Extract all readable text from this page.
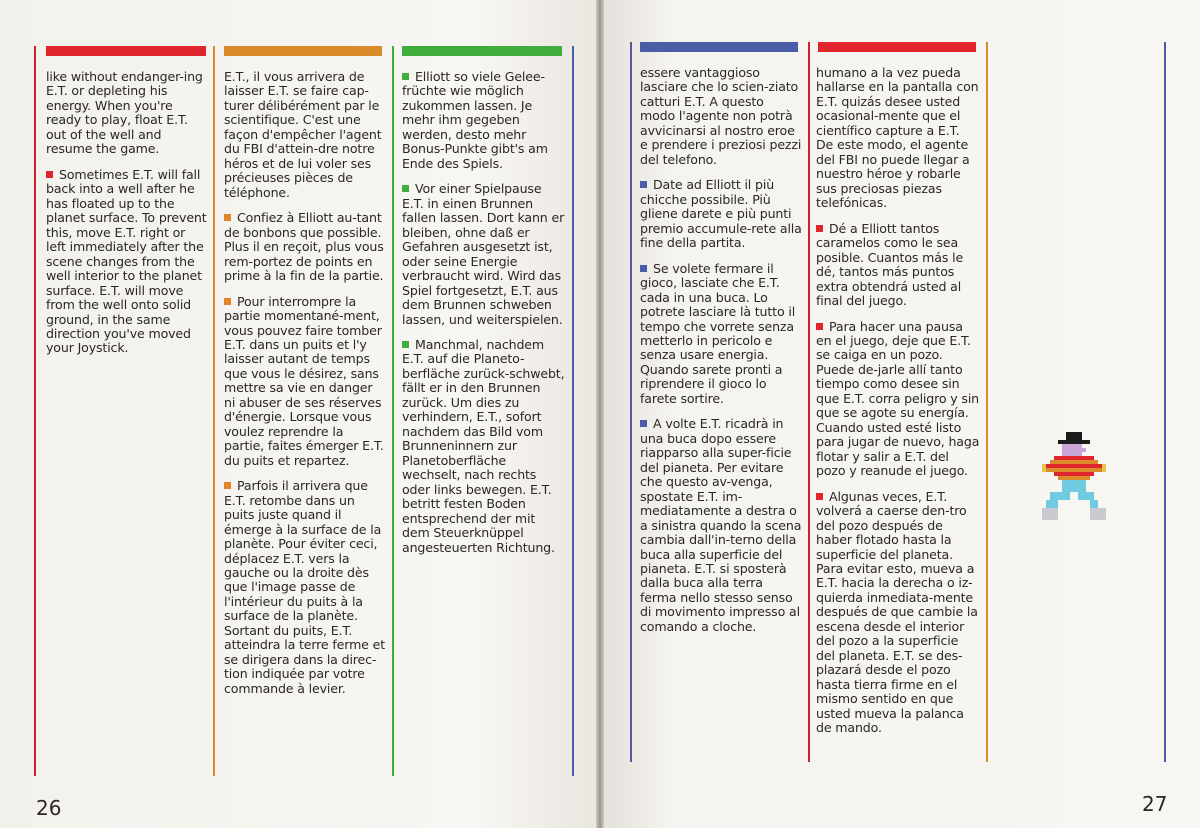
like without endanger-ing E.T. or depleting his energy. When you're ready to play, float E.T. out of the well and resume the game.

Sometimes E.T. will fall back into a well after he has floated up to the planet surface. To prevent this, move E.T. right or left immediately after the scene changes from the well interior to the planet surface. E.T. will move from the well onto solid ground, in the same direction you've moved your Joystick.

E.T., il vous arrivera de laisser E.T. se faire cap-turer délibérément par le scientifique. C'est une façon d'empêcher l'agent du FBI d'attein-dre notre héros et de lui voler ses précieuses pièces de téléphone.

Confiez à Elliott au-tant de bonbons que possible. Plus il en reçoit, plus vous rem-portez de points en prime à la fin de la partie.

Pour interrompre la partie momentané-ment, vous pouvez faire tomber E.T. dans un puits et l'y laisser autant de temps que vous le désirez, sans mettre sa vie en danger ni abuser de ses réserves d'énergie. Lorsque vous voulez reprendre la partie, faites émerger E.T. du puits et repartez.

Parfois il arrivera que E.T. retombe dans un puits juste quand il émerge à la surface de la planète. Pour éviter ceci, déplacez E.T. vers la gauche ou la droite dès que l'image passe de l'intérieur du puits à la surface de la planète. Sortant du puits, E.T. atteindra la terre ferme et se dirigera dans la direc-tion indiquée par votre commande à levier.

Elliott so viele Gelee-früchte wie möglich zukommen lassen. Je mehr ihm gegeben werden, desto mehr Bonus-Punkte gibt's am Ende des Spiels.

Vor einer Spielpause E.T. in einen Brunnen fallen lassen. Dort kann er bleiben, ohne daß er Gefahren ausgesetzt ist, oder seine Energie verbraucht wird. Wird das Spiel fortgesetzt, E.T. aus dem Brunnen schweben lassen, und weiterspielen.

Manchmal, nachdem E.T. auf die Planeto-berfläche zurück-schwebt, fällt er in den Brunnen zurück. Um dies zu verhindern, E.T., sofort nachdem das Bild vom Brunneninnern zur Planetoberfläche wechselt, nach rechts oder links bewegen. E.T. betritt festen Boden entsprechend der mit dem Steuerknüppel angesteuerten Richtung.

essere vantaggioso lasciare che lo scien-ziato catturi E.T. A questo modo l'agente non potrà avvicinarsi al nostro eroe e prendere i preziosi pezzi del telefono.

Date ad Elliott il più chicche possibile. Più gliene darete e più punti premio accumule-rete alla fine della partita.

Se volete fermare il gioco, lasciate che E.T. cada in una buca. Lo potrete lasciare là tutto il tempo che vorrete senza metterlo in pericolo e senza usare energia. Quando sarete pronti a riprendere il gioco lo farete sortire.

A volte E.T. ricadrà in una buca dopo essere riapparso alla super-ficie del pianeta. Per evitare che questo av-venga, spostate E.T. im-mediatamente a destra o a sinistra quando la scena cambia dall'in-terno della buca alla superficie del pianeta. E.T. si sposterà dalla buca alla terra ferma nello stesso senso di movimento impresso al comando a cloche.

humano a la vez pueda hallarse en la pantalla con E.T. quizás desee usted ocasional-mente que el científico capture a E.T. De este modo, el agente del FBI no puede llegar a nuestro héroe y robarle sus preciosas piezas telefónicas.

Dé a Elliott tantos caramelos como le sea posible. Cuantos más le dé, tantos más puntos extra obtendrá usted al final del juego.

Para hacer una pausa en el juego, deje que E.T. se caiga en un pozo. Puede de-jarle allí tanto tiempo como desee sin que E.T. corra peligro y sin que se agote su energía. Cuando usted esté listo para jugar de nuevo, haga flotar y salir a E.T. del pozo y reanude el juego.

Algunas veces, E.T. volverá a caerse den-tro del pozo después de haber flotado hasta la superficie del planeta. Para evitar esto, mueva a E.T. hacia la derecha o iz-quierda inmediata-mente después de que cambie la escena desde el interior del pozo a la superficie del planeta. E.T. se des-plazará desde el pozo hasta tierra firme en el mismo sentido en que usted mueva la palanca de mando.

26	27
